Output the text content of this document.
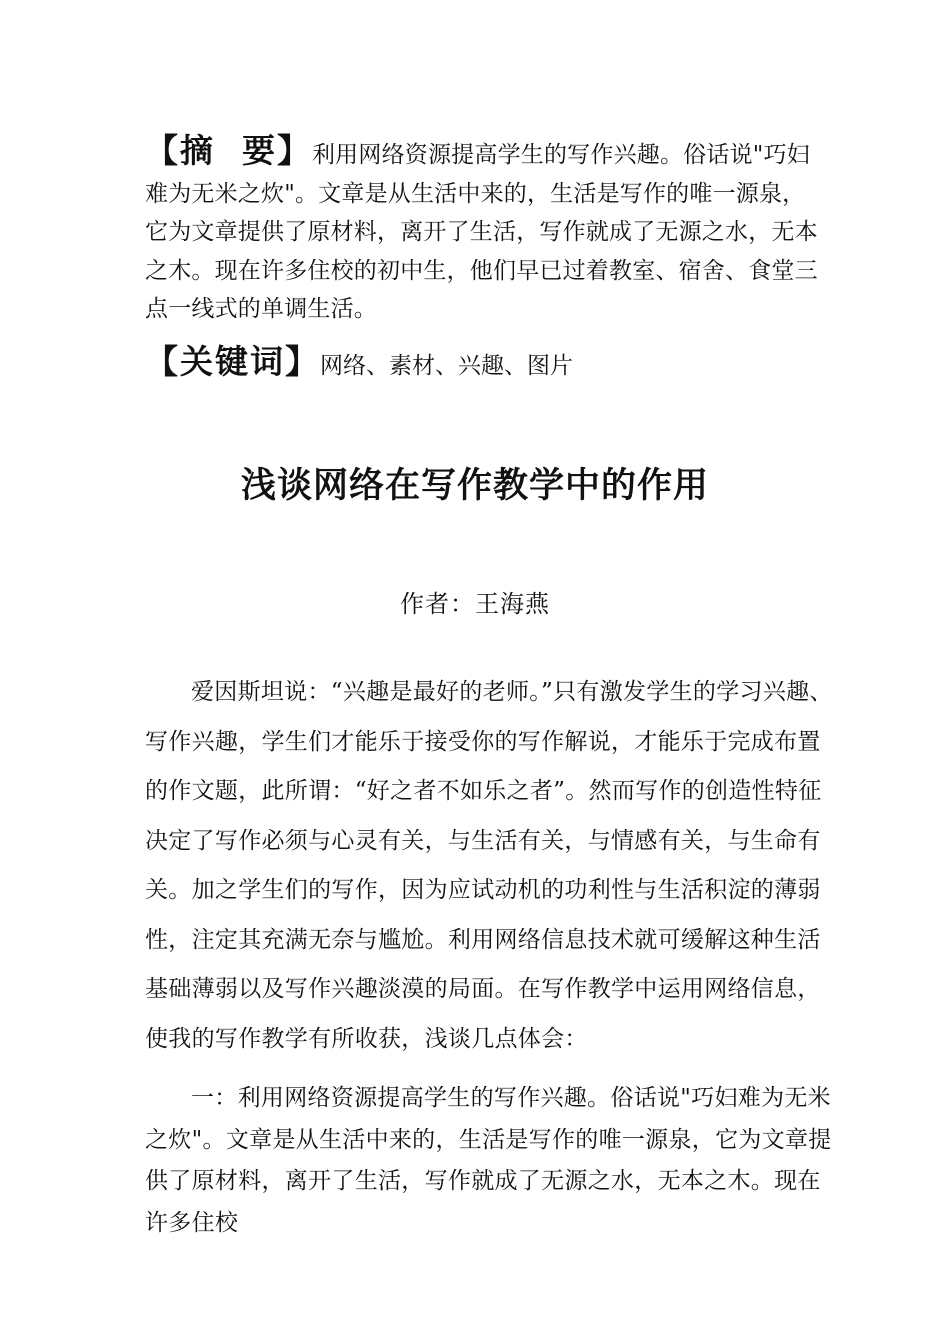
【摘  要】利用网络资源提高学生的写作兴趣。俗话说"巧妇难为无米之炊"。文章是从生活中来的，生活是写作的唯一源泉，它为文章提供了原材料，离开了生活，写作就成了无源之水，无本之木。现在许多住校的初中生，他们早已过着教室、宿舍、食堂三点一线式的单调生活。
【关键词】网络、素材、兴趣、图片
浅谈网络在写作教学中的作用
作者：王海燕

爱因斯坦说：“兴趣是最好的老师。”只有激发学生的学习兴趣、写作兴趣，学生们才能乐于接受你的写作解说，才能乐于完成布置的作文题，此所谓：“好之者不如乐之者”。然而写作的创造性特征决定了写作必须与心灵有关，与生活有关，与情感有关，与生命有关。加之学生们的写作，因为应试动机的功利性与生活积淀的薄弱性，注定其充满无奈与尴尬。利用网络信息技术就可缓解这种生活基础薄弱以及写作兴趣淡漠的局面。在写作教学中运用网络信息，使我的写作教学有所收获，浅谈几点体会：

一：利用网络资源提高学生的写作兴趣。俗话说"巧妇难为无米之炊"。文章是从生活中来的，生活是写作的唯一源泉，它为文章提供了原材料，离开了生活，写作就成了无源之水，无本之木。现在许多住校
